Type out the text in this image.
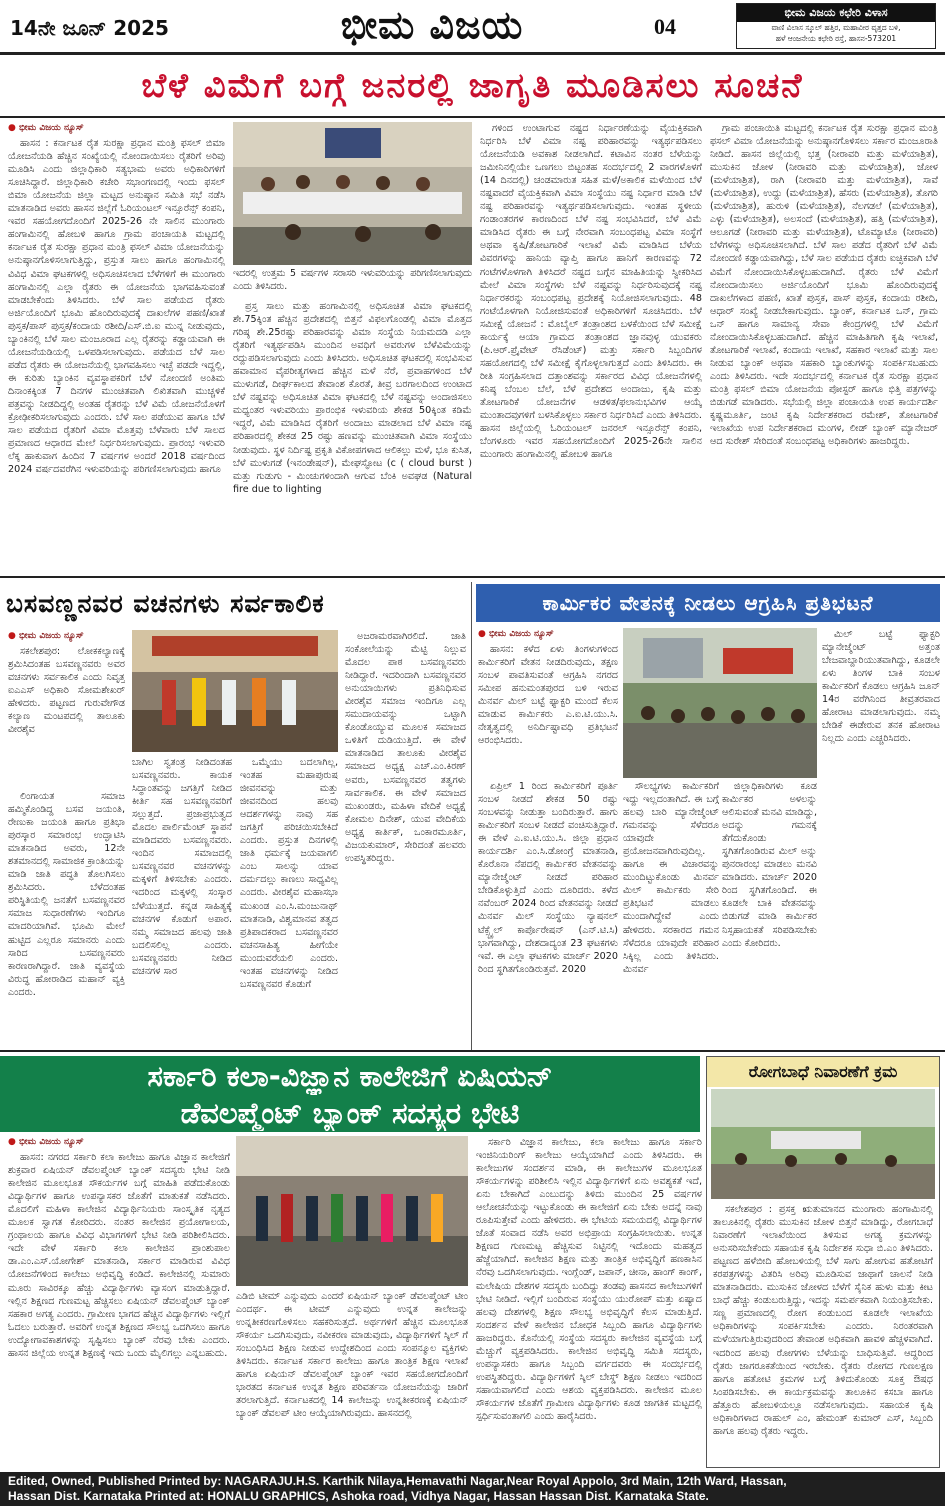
14ನೇ ಜೂನ್ 2025	ಭೀಮ ವಿಜಯ	04
ಭೀಮ ವಿಜಯ ಕಛೇರಿ ವಿಳಾಸ
ವಾಣಿ ವಿಲಾಸ ಸ್ಕೂಲ್ ಹತ್ತಿರ, ಮಹಾವೀರ ವೃತ್ತದ ಬಳಿ,
ಹಳೆ ಆಂಜನೇಯ ಕಛೇರಿ ರಸ್ತೆ, ಹಾಸನ-573201
ಬೆಳೆ ವಿಮೆಗೆ ಬಗ್ಗೆ ಜನರಲ್ಲಿ ಜಾಗೃತಿ ಮೂಡಿಸಲು ಸೂಚನೆ
● ಭೀಮ ವಿಜಯ ನ್ಯೂಸ್

ಹಾಸನ : ಕರ್ನಾಟಕ ರೈತ ಸುರಕ್ಷಾ ಪ್ರಧಾನ ಮಂತ್ರಿ ಫಸಲ್ ಬಿಮಾ ಯೋಜನೆಯಡಿ ಹೆಚ್ಚಿನ ಸಂಖ್ಯೆಯಲ್ಲಿ ನೋಂದಾಯಿಸಲು ರೈತರಿಗೆ ಅರಿವು ಮೂಡಿಸಿ ಎಂದು ಜಿಲ್ಲಾಧಿಕಾರಿ ಸತ್ಯಭಾಮ ಅವರು ಅಧಿಕಾರಿಗಳಿಗೆ ಸೂಚಿಸಿದ್ದಾರೆ. ಜಿಲ್ಲಾಧಿಕಾರಿ ಕಚೇರಿ ಸಭಾಂಗಣದಲ್ಲಿ ಇಂದು ಫಸಲ್ ಬಿಮಾ ಯೋಜನೆಯ ಜಿಲ್ಲಾ ಮಟ್ಟದ ಅನುಷ್ಠಾನ ಸಮಿತಿ ಸಭೆ ನಡೆಸಿ ಮಾತನಾಡಿದ ಅವರು ಹಾಸನ ಜಿಲ್ಲೆಗೆ ಓರಿಯಂಟಲ್ ಇನ್ಸೂರೆನ್ಸ್ ಕಂಪನಿ, ಇವರ ಸಹಯೋಗದೊಂದಿಗೆ 2025-26 ನೇ ಸಾಲಿನ ಮುಂಗಾರು ಹಂಗಾಮಿನಲ್ಲಿ ಹೋಬಳಿ ಹಾಗೂ ಗ್ರಾಮ ಪಂಚಾಯತಿ ಮಟ್ಟದಲ್ಲಿ ಕರ್ನಾಟಕ ರೈತ ಸುರಕ್ಷಾ ಪ್ರಧಾನ ಮಂತ್ರಿ ಫಸಲ್ ವಿಮಾ ಯೋಜನೆಯನ್ನು ಅನುಷ್ಠಾನಗೊಳಿಸಲಾಗುತ್ತಿದ್ದು, ಪ್ರಸ್ತುತ ಸಾಲು ಹಾಗೂ ಹಂಗಾಮಿನಲ್ಲಿ ವಿವಿಧ ವಿಮಾ ಘಟಕಗಳಲ್ಲಿ ಅಧಿಸೂಚಿಸಲಾದ ಬೆಳೆಗಳಿಗೆ ಈ ಮುಂಗಾರು ಹಂಗಾಮಿನಲ್ಲಿ ಎಲ್ಲಾ ರೈತರು ಈ ಯೋಜನೆಯ ಭಾಗವಹಿಸುವಂತೆ ಮಾಡಬೇಕೆಂದು ತಿಳಿಸಿದರು. ಬೆಳೆ ಸಾಲ ಪಡೆಯದ ರೈತರು ಅರ್ಜಿಯೊಂದಿಗೆ ಭೂಮಿ ಹೊಂದಿರುವುದಕ್ಕೆ ದಾಖಲೆಗಳ ಪಹಣಿ/ಖಾತೆ ಪುಸ್ತಕ/ಪಾಸ್ ಪುಸ್ತಕ/ಕಂದಾಯ ರಶೀದಿ/ಎಸ್.ಬಿ.ಐ ಮುನ್ನ ನೀಡುವುದು, ಬ್ಯಾಂಕಿನಲ್ಲಿ ಬೆಳೆ ಸಾಲ ಮಂಜೂರಾದ ಎಲ್ಲ ರೈತರನ್ನು ಕಡ್ಡಾಯವಾಗಿ ಈ ಯೋಜನೆಯಡಿಯಲ್ಲಿ ಒಳಪಡಿಸಲಾಗುವುದು. ಪಡೆಯದ ಬೆಳೆ ಸಾಲ ಪಡೆದ ರೈತರು ಈ ಯೋಜನೆಯಲ್ಲಿ ಭಾಗವಹಿಸಲು ಇಚ್ಛೆ ಪಡದೇ ಇದ್ದಲ್ಲಿ, ಈ ಕುರಿತು ಬ್ಯಾಂಕಿನ ವ್ಯವಸ್ಥಾಪಕರಿಗೆ ಬೆಳೆ ನೋಂದಣಿ ಅಂತಿಮ ದಿನಾಂಕಕ್ಕಿಂತ 7 ದಿನಗಳ ಮುಂಚಿತವಾಗಿ ಲಿಖಿತವಾಗಿ ಮುಚ್ಚಳಿಕೆ ಪತ್ರವನ್ನು ನೀಡದಿದ್ದಲ್ಲಿ ಅಂತಹ ರೈತರನ್ನು ಬೆಳೆ ವಿಮೆ ಯೋಜನೆಯೊಳಗೆ ಕ್ರೋಢೀಕರಿಸಲಾಗುವುದು ಎಂದರು. ಬೆಳೆ ಸಾಲ ಪಡೆಯುವ ಹಾಗೂ ಬೆಳೆ ಸಾಲ ಪಡೆಯದ ರೈತರಿಗೆ ವಿಮಾ ಮೊತ್ತವು ಬೆಳೆವಾರು ಬೆಳೆ ಸಾಲದ ಪ್ರಮಾಣದ ಆಧಾರದ ಮೇಲೆ ನಿರ್ಧರಿಸಲಾಗುವುದು. ಪ್ರಾರಂಭ ಇಳುವರಿ ಲೆಕ್ಕ ಹಾಕುವಾಗ ಹಿಂದಿನ 7 ವರ್ಷಗಳ ಅಂದರೆ 2018 ವರ್ಷದಿಂದ 2024 ವರ್ಷದವರೆಗಿನ ಇಳುವರಿಯನ್ನು ಪರಿಗಣಿಸಲಾಗುವುದು ಹಾಗೂ

ಇದರಲ್ಲಿ ಉತ್ತಮ 5 ವರ್ಷಗಳ ಸರಾಸರಿ ಇಳುವರಿಯನ್ನು ಪರಿಗಣಿಸಲಾಗುವುದು ಎಂದು ತಿಳಿಸಿದರು.

ಪ್ರಸ್ತ ಸಾಲು ಮತ್ತು ಹಂಗಾಮಿನಲ್ಲಿ ಅಧಿಸೂಚಿತ ವಿಮಾ ಘಟಕದಲ್ಲಿ ಶೇ.75ಕ್ಕಿಂತ ಹೆಚ್ಚಿನ ಪ್ರದೇಶದಲ್ಲಿ ಬಿತ್ತನೆ ವಿಫಲಗೊಂಡಲ್ಲಿ ವಿಮಾ ಮೊತ್ತದ ಗರಿಷ್ಠ ಶೇ.25ರಷ್ಟು ಪರಿಹಾರವನ್ನು ವಿಮಾ ಸಂಸ್ಥೆಯ ನಿಯಮದಡಿ ಎಲ್ಲಾ ರೈತರಿಗೆ ಇತ್ಯರ್ಥಪಡಿಸಿ ಮುಂದಿನ ಅವಧಿಗೆ ಅವರುಗಳ ಬೆಳೆವಿಮೆಯನ್ನು ರದ್ದುಪಡಿಸಲಾಗುವುದು ಎಂದು ತಿಳಿಸಿದರು. ಅಧಿಸೂಚಿತ ಘಟಕದಲ್ಲಿ ಸಂಭವಿಸುವ ಹವಾಮಾನ ವೈಪರೀತ್ಯಗಳಾದ ಹೆಚ್ಚಿನ ಮಳೆ ನೆರೆ, ಪ್ರವಾಹಗಳಿಂದ ಬೆಳೆ ಮುಳುಗಡೆ, ದೀರ್ಘಕಾಲದ ತೇವಾಂಶ ಕೊರತೆ, ತೀವ್ರ ಬರಗಾಲದಿಂದ ಉಂಟಾದ ಬೆಳೆ ನಷ್ಟವನ್ನು ಅಧಿಸೂಚಿತ ವಿಮಾ ಘಟಕದಲ್ಲಿ ಬೆಳೆ ನಷ್ಟವನ್ನು ಅಂದಾಜಿಸಲು ಮಧ್ಯಂತರ ಇಳುವರಿಯು ಪ್ರಾರಂಭಿಕ ಇಳುವರಿಯ ಶೇಕಡ 50ಕ್ಕಿಂತ ಕಡಿಮೆ ಇದ್ದರೆ, ವಿಮೆ ಮಾಡಿಸಿದ ರೈತರಿಗೆ ಅಂದಾಜು ಮಾಡಲಾದ ಬೆಳೆ ವಿಮಾ ನಷ್ಟ ಪರಿಹಾರದಲ್ಲಿ ಶೇಕಡ 25 ರಷ್ಟು ಹಣವನ್ನು ಮುಂಚಿತವಾಗಿ ವಿಮಾ ಸಂಸ್ಥೆಯು ನೀಡುವುದು. ಸ್ಥಳ ನಿರ್ದಿಷ್ಟ ಪ್ರಕೃತಿ ವಿಕೋಪಗಳಾದ ಆಲಿಕಲ್ಲು ಮಳೆ, ಭೂ ಕುಸಿತ, ಬೆಳೆ ಮುಳುಗಡೆ (ಇನಂಡೇಷನ್), ಮೇಘಸ್ಫೋಟ (c ( cloud burst ) ಮತ್ತು ಗುಡುಗು - ಮಿಂಚುಗಳಿಂದಾಗಿ ಆಗುವ ಬೆಂಕಿ ಅವಘಡ (Natural fire due to lighting

ಗಳಿಂದ ಉಂಟಾಗುವ ನಷ್ಟದ ನಿರ್ಧಾರಣೆಯನ್ನು ವೈಯಕ್ತಿಕವಾಗಿ ನಿರ್ಧರಿಸಿ ಬೆಳೆ ವಿಮಾ ನಷ್ಟ ಪರಿಹಾರವನ್ನು ಇತ್ಯರ್ಥಪಡಿಸಲು ಯೋಜನೆಯಡಿ ಅವಕಾಶ ನೀಡಲಾಗಿದೆ. ಕಟಾವಿನ ನಂತರ ಬೆಳೆಯನ್ನು ಜಮೀನಿನಲ್ಲಿಯೇ ಒಣಗಲು ಬಿಟ್ಟಂತಹ ಸಂದರ್ಭದಲ್ಲಿ 2 ವಾರಗಳೊಳಗೆ (14 ದಿನದಲ್ಲಿ) ಚಂಡಮಾರುತ ಸಹಿತ ಮಳೆ/ಅಕಾಲಿಕ ಮಳೆಯಿಂದ ಬೆಳೆ ನಷ್ಟವಾದರೆ ವೈಯಕ್ತಿಕವಾಗಿ ವಿಮಾ ಸಂಸ್ಥೆಯು ನಷ್ಟ ನಿರ್ಧಾರ ಮಾಡಿ ಬೆಳೆ ನಷ್ಟ ಪರಿಹಾರವನ್ನು ಇತ್ಯರ್ಥಪಡಿಸಲಾಗುವುದು. ಇಂತಹ ಸ್ಥಳೀಯ ಗಂಡಾಂತರಗಳ ಕಾರಣದಿಂದ ಬೆಳೆ ನಷ್ಟ ಸಂಭವಿಸಿದರೆ, ಬೆಳೆ ವಿಮೆ ಮಾಡಿಸಿದ ರೈತರು ಈ ಬಗ್ಗೆ ನೇರವಾಗಿ ಸಂಬಂಧಪಟ್ಟ ವಿಮಾ ಸಂಸ್ಥೆಗೆ ಅಥವಾ ಕೃಷಿ/ತೋಟಗಾರಿಕೆ ಇಲಾಖೆ ವಿಮೆ ಮಾಡಿಸಿದ ಬೆಳೆಯ ವಿವರಗಳನ್ನು ಹಾನಿಯ ವ್ಯಾಪ್ತಿ ಹಾಗೂ ಹಾನಿಗೆ ಕಾರಣವನ್ನು 72 ಗಂಟೆಗಳೊಳಗಾಗಿ ತಿಳಿಸಿದರೆ ನಷ್ಟದ ಬಗ್ಗೆನ ಮಾಹಿತಿಯನ್ನು ಸ್ವೀಕರಿಸಿದ ಮೇಲೆ ವಿಮಾ ಸಂಸ್ಥೆಗಳು ಬೆಳೆ ನಷ್ಟವನ್ನು ನಿರ್ಧರಿಸುವುದಕ್ಕೆ ನಷ್ಟ ನಿರ್ಧಾರಕರನ್ನು ಸಂಬಂಧಪಟ್ಟ ಪ್ರದೇಶಕ್ಕೆ ನಿಯೋಜಿಸಲಾಗುವುದು. 48 ಗಂಟೆಯೊಳಗಾಗಿ ನಿಯೋಜಿಸುವಂತೆ ಅಧಿಕಾರಿಗಳಿಗೆ ಸೂಚಿಸಿದರು. ಬೆಳೆ ಸಮೀಕ್ಷೆ ಯೋಜನೆ : ಮೊಬೈಲ್ ತಂತ್ರಾಂಶದ ಬಳಕೆಯಿಂದ ಬೆಳೆ ಸಮೀಕ್ಷೆ ಕಾರ್ಯಕ್ಕೆ ಆಯಾ ಗ್ರಾಮದ ತಂತ್ರಾಂಶದ ಜ್ಞಾನವುಳ್ಳ ಯುವಕರು (ಪಿ.ಆರ್.ಪ್ರೈವೇಟ್ ರೆಸಿಡೆಂಟ್) ಮತ್ತು ಸರ್ಕಾರಿ ಸಿಬ್ಬಂದಿಗಳ ಸಹಯೋಗದಲ್ಲಿ ಬೆಳೆ ಸಮೀಕ್ಷೆ ಕೈಗೊಳ್ಳಲಾಗುತ್ತದೆ ಎಂದು ತಿಳಿಸಿದರು. ಈ ರೀತಿ ಸಂಗ್ರಹಿಸಲಾದ ದತ್ತಾಂಶವನ್ನು ಸರ್ಕಾರದ ವಿವಿಧ ಯೋಜನೆಗಳಲ್ಲಿ ಕನಿಷ್ಠ ಬೆಂಬಲ ಬೆಲೆ, ಬೆಳೆ ಪ್ರದೇಶದ ಅಂದಾಜು, ಕೃಷಿ ಮತ್ತು ತೋಟಗಾರಿಕೆ ಯೋಜನೆಗಳ ಆಡಳಿತ/ಫಲಾನುಭವಿಗಳ ಆಯ್ಕೆ ಮುಂತಾದವುಗಳಿಗೆ ಬಳಸಿಕೊಳ್ಳಲು ಸರ್ಕಾರ ನಿರ್ಧರಿಸಿದೆ ಎಂದು ತಿಳಿಸಿದರು. ಹಾಸನ ಜಿಲ್ಲೆಯಲ್ಲಿ ಓರಿಯಂಟಲ್ ಜನರಲ್ ಇನ್ಸೂರೆನ್ಸ್ ಕಂಪನಿ, ಬೆಂಗಳೂರು ಇವರ ಸಹಯೋಗದೊಂದಿಗೆ 2025-26ನೇ ಸಾಲಿನ ಮುಂಗಾರು ಹಂಗಾಮಿನಲ್ಲಿ ಹೋಬಳಿ ಹಾಗೂ

ಗ್ರಾಮ ಪಂಚಾಯಿತಿ ಮಟ್ಟದಲ್ಲಿ ಕರ್ನಾಟಕ ರೈತ ಸುರಕ್ಷಾ ಪ್ರಧಾನ ಮಂತ್ರಿ ಫಸಲ್ ವಿಮಾ ಯೋಜನೆಯನ್ನು ಅನುಷ್ಠಾನಗೊಳಿಸಲು ಸರ್ಕಾರ ಮಂಜೂರಾತಿ ನೀಡಿದೆ. ಹಾಸನ ಜಿಲ್ಲೆಯಲ್ಲಿ ಭತ್ತ (ನೀರಾವರಿ ಮತ್ತು ಮಳೆಯಾಶ್ರಿತ), ಮುಸುಕಿನ ಜೋಳ (ನೀರಾವರಿ ಮತ್ತು ಮಳೆಯಾಶ್ರಿತ), ಜೋಳ (ಮಳೆಯಾಶ್ರಿತ), ರಾಗಿ (ನೀರಾವರಿ ಮತ್ತು ಮಳೆಯಾಶ್ರಿತ), ಸಾವೆ (ಮಳೆಯಾಶ್ರಿತ), ಉದ್ದು (ಮಳೆಯಾಶ್ರಿತ), ಹೆಸರು (ಮಳೆಯಾಶ್ರಿತ), ತೊಗರಿ (ಮಳೆಯಾಶ್ರಿತ), ಹುರುಳಿ (ಮಳೆಯಾಶ್ರಿತ), ನೆಲಗಡಲೆ (ಮಳೆಯಾಶ್ರಿತ), ಎಳ್ಳು (ಮಳೆಯಾಶ್ರಿತ), ಅಲಸಂದೆ (ಮಳೆಯಾಶ್ರಿತ), ಹತ್ತಿ (ಮಳೆಯಾಶ್ರಿತ), ಆಲೂಗಡೆ (ನೀರಾವರಿ ಮತ್ತು ಮಳೆಯಾಶ್ರಿತ), ಟೊಮ್ಯಾಟೊ (ನೀರಾವರಿ) ಬೆಳೆಗಳನ್ನು ಅಧಿಸೂಚಿಸಲಾಗಿದೆ. ಬೆಳೆ ಸಾಲ ಪಡೆದ ರೈತರಿಗೆ ಬೆಳೆ ವಿಮೆ ನೋಂದಣಿ ಕಡ್ಡಾಯವಾಗಿದ್ದು, ಬೆಳೆ ಸಾಲ ಪಡೆಯದ ರೈತರು ಐಚ್ಛಿಕವಾಗಿ ಬೆಳೆ ವಿಮೆಗೆ ನೋಂದಾಯಿಸಿಕೊಳ್ಳಬಹುದಾಗಿದೆ. ರೈತರು ಬೆಳೆ ವಿಮೆಗೆ ನೋಂದಾಯಿಸಲು ಅರ್ಜಿಯೊಂದಿಗೆ ಭೂಮಿ ಹೊಂದಿರುವುದಕ್ಕೆ ದಾಖಲೆಗಳಾದ ಪಹಣಿ, ಖಾತೆ ಪುಸ್ತಕ, ಪಾಸ್ ಪುಸ್ತಕ, ಕಂದಾಯ ರಶೀದಿ, ಆಧಾರ್ ಸಂಖ್ಯೆ ನೀಡಬೇಕಾಗುವುದು. ಬ್ಯಾಂಕ್, ಕರ್ನಾಟಕ ಒನ್, ಗ್ರಾಮ ಒನ್ ಹಾಗೂ ಸಾಮಾನ್ಯ ಸೇವಾ ಕೇಂದ್ರಗಳಲ್ಲಿ ಬೆಳೆ ವಿಮೆಗೆ ನೋಂದಾಯಿಸಿಕೊಳ್ಳಬಹುದಾಗಿದೆ. ಹೆಚ್ಚಿನ ಮಾಹಿತಿಗಾಗಿ ಕೃಷಿ ಇಲಾಖೆ, ತೋಟಗಾರಿಕೆ ಇಲಾಖೆ, ಕಂದಾಯ ಇಲಾಖೆ, ಸಹಕಾರ ಇಲಾಖೆ ಮತ್ತು ಸಾಲ ನೀಡುವ ಬ್ಯಾಂಕ್ ಅಥವಾ ಸಹಕಾರಿ ಬ್ಯಾಂಕುಗಳನ್ನು ಸಂಪರ್ಕಿಸಬಹುದು ಎಂದು ತಿಳಿಸಿದರು. ಇದೇ ಸಂದರ್ಭದಲ್ಲಿ ಕರ್ನಾಟಕ ರೈತ ಸುರಕ್ಷಾ ಪ್ರಧಾನ ಮಂತ್ರಿ ಫಸಲ್ ಬಿಮಾ ಯೋಜನೆಯ ಪೋಸ್ಟರ್ ಹಾಗೂ ಭಿತ್ತಿ ಪತ್ರಗಳನ್ನು ಬಿಡುಗಡೆ ಮಾಡಿದರು. ಸಭೆಯಲ್ಲಿ ಜಿಲ್ಲಾ ಪಂಚಾಯತಿ ಉಪ ಕಾರ್ಯದರ್ಶಿ ಕೃಷ್ಣಮೂರ್ತಿ, ಜಂಟಿ ಕೃಷಿ ನಿರ್ದೇಶಕರಾದ ರಮೇಶ್, ತೋಟಗಾರಿಕೆ ಇಲಾಖೆಯ ಉಪ ನಿರ್ದೇಶಕರಾದ ಮಂಗಳ, ಲೀಡ್ ಬ್ಯಾಂಕ್ ಮ್ಯಾನೇಜರ್ ಆದ ಸುರೇಶ್ ಸೇರಿದಂತೆ ಸಂಬಂಧಪಟ್ಟ ಅಧಿಕಾರಿಗಳು ಹಾಜರಿದ್ದರು.

ಬಸವಣ್ಣನವರ ವಚನಗಳು ಸರ್ವಕಾಲಿಕ
● ಭೀಮ ವಿಜಯ ನ್ಯೂಸ್

ಸಕಲೇಶಪುರ: ಲೋಕಕಲ್ಯಾಣಕ್ಕೆ ಶ್ರಮಿಸಿದಂತಹ ಬಸವಣ್ಣನವರು ಅವರ ವಚನಗಳು ಸರ್ವಕಾಲಿಕ ಎಂದು ನಿವೃತ್ತ ಐಎಎಸ್ ಅಧಿಕಾರಿ ಸೋಮಶೇಖರ್ ಹೇಳಿದರು. ಪಟ್ಟಣದ ಗುರುವೇಗೌಡ ಕಲ್ಯಾಣ ಮಂಟಪದಲ್ಲಿ ತಾಲೂಕು ವೀರಶೈವ

ಲಿಂಗಾಯತ ಸಮಾಜ ಹಮ್ಮಿಕೊಂಡಿದ್ದ ಬಸವ ಜಯಂತಿ, ರೇಣುಕಾ ಜಯಂತಿ ಹಾಗೂ ಪ್ರತಿಭಾ ಪುರಸ್ಕಾರ ಸಮಾರಂಭ ಉದ್ಘಾಟಿಸಿ ಮಾತನಾಡಿದ ಅವರು, 12ನೇ ಶತಮಾನದಲ್ಲಿ ಸಾಮಾಜಿಕ ಕ್ರಾಂತಿಯನ್ನು ಮಾಡಿ ಜಾತಿ ಪದ್ಧತಿ ತೊಲಗಿಸಲು ಶ್ರಮಿಸಿದರು. ಬೆಳೆದಂತಹ ಪರಿಸ್ಥಿತಿಯಲ್ಲಿ ಜನತೆಗೆ ಬಸವಣ್ಣನವರ ಸಮಾಜ ಸುಧಾರಣೆಗಳು ಇಂದಿಗೂ ಮಾದರಿಯಾಗಿವೆ. ಭೂಮಿ ಮೇಲೆ ಹುಟ್ಟಿದ ಎಲ್ಲರೂ ಸಮಾನರು ಎಂದು ಸಾರಿದ ಬಸವಣ್ಣನವರು ಕಾರಣರಾಗಿದ್ದಾರೆ. ಜಾತಿ ವ್ಯವಸ್ಥೆಯ ವಿರುದ್ಧ ಹೋರಾಡಿದ ಮಹಾನ್ ವ್ಯಕ್ತಿ ಎಂದರು.

ಬಾಗಿಲ ಸ್ವತಂತ್ರ ನೀಡಿದಂತಹ ಬಸವಣ್ಣನವರು. ಕಾಯಕ ಸಿದ್ಧಾಂತವನ್ನು ಜಗತ್ತಿಗೆ ನೀಡಿದ ಕೀರ್ತಿ ಸಹ ಬಸವಣ್ಣನವರಿಗೆ ಸಲ್ಲುತ್ತದೆ. ಪ್ರಜಾಪ್ರಭುತ್ವದ ಮೊದಲ ಪಾರ್ಲಿಮೆಂಟ್ ಸ್ಥಾಪನೆ ಮಾಡಿದವರು ಬಸವಣ್ಣನವರು. ಇಂದಿನ ಸಮಾಜದಲ್ಲಿ ಬಸವಣ್ಣನವರ ವಚನಗಳನ್ನು ಮಕ್ಕಳಿಗೆ ತಿಳಿಸಬೇಕು ಎಂದರು. ಇದರಿಂದ ಮಕ್ಕಳಲ್ಲಿ ಸಂಸ್ಕಾರ ಬೆಳೆಯುತ್ತದೆ. ಕನ್ನಡ ಸಾಹಿತ್ಯಕ್ಕೆ ವಚನಗಳ ಕೊಡುಗೆ ಅಪಾರ. ನಮ್ಮ ಸಮಾಜದ ಹಲವು ಜಾತಿ ಬದಲಿಸಲಿಲ್ಲ ಎಂದರು. ಬಸವಣ್ಣನವರು ನೀಡಿದ ವಚನಗಳ ಸಾರ

ಒಮ್ಮೆಯು ಬದಲಾಗಿಲ್ಲ, ಇಂತಹ ಮಹಾಪುರುಷ ಜೀವನವನ್ನು ಮತ್ತು ಜೀವನದಿಂದ ಹಲವು ಆದರ್ಶಗಳನ್ನು ನಾವು ಸಹ ಜಗತ್ತಿಗೆ ಪರಿಚಯಿಸಬೇಕಿದೆ ಎಂದರು. ಪ್ರಸ್ತುತ ದಿನಗಳಲ್ಲಿ ಜಾತಿ ಧರ್ಮಕ್ಕೆ ಜಯವಾಗಲಿ ಎಂಬ ಸಾಲನ್ನು ಯಾವ ದರ್ಮದಲ್ಲು ಕಾಣಲು ಸಾಧ್ಯವಿಲ್ಲ ಎಂದರು. ವೀರಶೈವ ಮಹಾಸಭಾ ಮುಖಂಡ ಎಂ.ಸಿ.ಮಂಜುನಾಥ್ ಮಾತನಾಡಿ, ವಿಶ್ವಮಾನವ ತತ್ವದ ಪ್ರತಿಪಾದಕರಾದ ಬಸವಣ್ಣನವರ ವಚನಸಾಹಿತ್ಯ ಹೀಗೆಯೇ ಮುಂದುವರೆಯಲಿ ಎಂದರು. ಇಂತಹ ವಚನಗಳನ್ನು ನೀಡಿದ ಬಸವಣ್ಣನವರ ಕೊಡುಗೆ

ಅಜರಾಮರವಾಗಿರಲಿದೆ. ಜಾತಿ ಸಂಕೋಲೆಯನ್ನು ಮೆಟ್ಟಿ ನಿಲ್ಲುವ ಮೊದಲ ಪಾಠ ಬಸವಣ್ಣನವರು ನೀಡಿದ್ದಾರೆ. ಇದರಿಂದಾಗಿ ಬಸವಣ್ಣನವರ ಅನುಯಾಯಿಗಳು ಪ್ರತಿನಿಧಿಸುವ ವೀರಶೈವ ಸಮಾಜ ಇಂದಿಗೂ ಎಲ್ಲ ಸಮುದಾಯವನ್ನು ಒಟ್ಟಾಗಿ ಕೊಂಡೊಯ್ಯುವ ಮೂಲಕ ಸಮಾಜದ ಒಳಿತಿಗೆ ದುಡಿಯುತ್ತಿದೆ. ಈ ವೇಳೆ ಮಾತನಾಡಿದ ತಾಲೂಕು ವೀರಶೈವ ಸಮಾಜದ ಅಧ್ಯಕ್ಷ ಎಚ್.ಎಂ.ಕಿರಣ್ ಅವರು, ಬಸವಣ್ಣನವರ ತತ್ವಗಳು ಸಾರ್ವಕಾಲಿಕ. ಈ ವೇಳೆ ಸಮಾಜದ ಮುಖಂಡರು, ಮಹಿಳಾ ವೇದಿಕೆ ಅಧ್ಯಕ್ಷೆ ಕೋಮಲ ದಿನೇಶ್, ಯುವ ವೇದಿಕೆಯ ಅಧ್ಯಕ್ಷ ಕಾರ್ತಿಕ್, ಒಂಕಾರಮೂರ್ತಿ, ವಿಜಯಕುಮಾರ್, ಸೇರಿದಂತೆ ಹಲವರು ಉಪಸ್ಥಿತರಿದ್ದರು.

ಕಾರ್ಮಿಕರ ವೇತನಕ್ಕೆ ನೀಡಲು ಆಗ್ರಹಿಸಿ ಪ್ರತಿಭಟನೆ
● ಭೀಮ ವಿಜಯ ನ್ಯೂಸ್

ಹಾಸನ: ಕಳೆದ ಏಳು ತಿಂಗಳುಗಳಿಂದ ಕಾರ್ಮಿಕರಿಗೆ ವೇತನ ನೀಡದಿರುವುದು, ತಕ್ಷಣ ಸಂಬಳ ಪಾವತಿಸುವಂತೆ ಆಗ್ರಹಿಸಿ ನಗರದ ಸಮೀಪ ಹನುಮಂತಪುರದ ಬಳಿ ಇರುವ ಮಿನರ್ವ ಮಿಲ್ ಬಟ್ಟೆ ಫ್ಯಾಕ್ಟರಿ ಮುಂದೆ ಕೆಲಸ ಮಾಡುವ ಕಾರ್ಮಿಕರು ಎ.ಐ.ಟಿ.ಯು.ಸಿ. ನೇತೃತ್ವದಲ್ಲಿ ಅನಿರ್ದಿಷ್ಟಾವಧಿ ಪ್ರತಿಭಟನೆ ಆರಂಭಿಸಿದರು.

ಮಿಲ್ ಬಟ್ಟೆ ಫ್ಯಾಕ್ಟರಿ ಮ್ಯಾನೇಜ್ಮೆಂಟ್ ಅತ್ತಂತ ಬೇಜವಾಬ್ದಾರಿಯುತವಾಗಿದ್ದು, ಕೂಡಲೇ ಏಳು ತಿಂಗಳ ಬಾಕಿ ಸಂಬಳ ಕಾರ್ಮಿಕರಿಗೆ ಕೊಡಲು ಆಗ್ರಹಿಸಿ ಜೂನ್ 14ರ ವರೆಗಿನಿಂದ ತೀವ್ರತರವಾದ ಹೋರಾಟ ಮಾಡಲಾಗುವುದು. ನಮ್ಮ ಬೇಡಿಕೆ ಈಡೇರುವ ತನಕ ಹೋರಾಟ ನಿಲ್ಲದು ಎಂದು ಎಚ್ಚರಿಸಿದರು.

ಏಪ್ರಿಲ್ 1 ರಿಂದ ಕಾರ್ಮಿಕರಿಗೆ ಪೂರ್ತಿ ಸಂಬಳ ನೀಡದೆ ಶೇಕಡ 50 ರಷ್ಟು ಸಂಬಳವನ್ನು ನೀಡುತ್ತಾ ಬಂದಿರುತ್ತಾರೆ. ಹಾಗು ಕಾರ್ಮಿಕರಿಗೆ ಸಂಬಳ ನೀಡದೆ ವಂಚಿಸುತ್ತಿದ್ದಾರೆ. ಈ ವೇಳೆ ಎ.ಐ.ಟಿ.ಯು.ಸಿ. ಜಿಲ್ಲಾ ಪ್ರಧಾನ ಕಾರ್ಯದರ್ಶಿ ಎಂ.ಸಿ.ಡೋಂಗ್ರೆ ಮಾತನಾಡಿ, ಕೊರೊನಾ ನೆಪದಲ್ಲಿ ಕಾರ್ಮಿಕರ ವೇತನವನ್ನು ಮ್ಯಾನೇಜ್ಮೆಂಟ್ ನೀಡದೆ ಪರಿಹಾರ ಬೇಡಿಕೊಳ್ಳುತ್ತಿದೆ ಎಂದು ದೂರಿದರು. ಕಳೆದ ನವೆಂಬರ್ 2024 ರಿಂದ ವೇತನವನ್ನು ನೀಡದೆ ಮಿನರ್ವ ಮಿಲ್ ಸಂಸ್ಥೆಯು ನ್ಯಾಷನಲ್ ಟೆಕ್ಸ್ಟೈಲ್ ಕಾರ್ಪೊರೇಷನ್ (ಎನ್.ಟಿ.ಸಿ) ಭಾಗವಾಗಿದ್ದು, ದೇಶದಾದ್ಯಂತ 23 ಘಟಕಗಳು ಇವೆ. ಈ ಎಲ್ಲಾ ಘಟಕಗಳು ಮಾರ್ಚ್ 2020 ರಿಂದ ಸ್ಥಗಿತಗೊಂಡಿರುತ್ತವೆ. 2020

ಸೌಲಭ್ಯಗಳು ಕಾರ್ಮಿಕರಿಗೆ ಇದ್ದು ಇಲ್ಲದಂತಾಗಿದೆ. ಈ ಬಗ್ಗೆ ಹಲವು ಬಾರಿ ಮ್ಯಾನೇಜ್ಮೆಂಟ್ ಗಮನವನ್ನು ಸೆಳೆದರೂ ಯಾವುದೇ ಪ್ರಯೋಜನವಾಗಿರುವುದಿಲ್ಲ. ಹಾಗೂ ಈ ವಿಚಾರವನ್ನು ಮುಂದಿಟ್ಟುಕೊಂಡು ಮಿನರ್ವ ಮಿಲ್ ಕಾರ್ಮಿಕರು ಸೇರಿ ಪ್ರತಿಭಟನೆ ಮಾಡಲು ಮುಂದಾಗಿದ್ದೇವೆ ಎಂದು ಹೇಳಿದರು. ಸರಕಾರದ ಗಮನ ಸೆಳೆದರೂ ಯಾವುದೇ ಪರಿಹಾರ ಸಿಕ್ಕಿಲ್ಲ ಎಂದು ತಿಳಿಸಿದರು. ಮಿನರ್ವ

ಜಿಲ್ಲಾಧಿಕಾರಿಗಳು ಕೂಡ ಕಾರ್ಮಿಕರ ಅಳಲನ್ನು ಆಲಿಸುವಂತೆ ಮನವಿ ಮಾಡಿದ್ದು, ಅದನ್ನು ಗಮನಕ್ಕೆ ತೆಗೆದುಕೊಂಡು ಸ್ಥಗಿತಗೊಂಡಿರುವ ಮಿಲ್ ಅನ್ನು ಪುನರಾರಂಭ ಮಾಡಲು ಮನವಿ ಮಾಡಿದರು. ಮಾರ್ಚ್ 2020 ರಿಂದ ಸ್ಥಗಿತಗೊಂಡಿದೆ. ಈ ಕೂಡಲೇ ಬಾಕಿ ವೇತನವನ್ನು ಬಿಡುಗಡೆ ಮಾಡಿ ಕಾರ್ಮಿಕರ ನಿಸ್ಸಹಾಯಕತೆ ಸರಿಪಡಿಸಬೇಕು ಎಂದು ಕೋರಿದರು.

ಸರ್ಕಾರಿ ಕಲಾ-ವಿಜ್ಞಾನ ಕಾಲೇಜಿಗೆ ಏಷಿಯನ್
ಡೆವಲಪ್ಮೆಂಟ್ ಬ್ಯಾಂಕ್ ಸದಸ್ಯರ ಭೇಟಿ
● ಭೀಮ ವಿಜಯ ನ್ಯೂಸ್

ಹಾಸನ: ನಗರದ ಸರ್ಕಾರಿ ಕಲಾ ಕಾಲೇಜು ಹಾಗೂ ವಿಜ್ಞಾನ ಕಾಲೇಜಿಗೆ ಶುಕ್ರವಾರ ಏಷಿಯನ್ ಡೆವಲಪ್ಮೆಂಟ್ ಬ್ಯಾಂಕ್ ಸದಸ್ಯರು ಭೇಟಿ ನೀಡಿ ಕಾಲೇಜಿನ ಮೂಲಭೂತ ಸೌಕರ್ಯಗಳ ಬಗ್ಗೆ ಮಾಹಿತಿ ಪಡೆದುಕೊಂಡು ವಿದ್ಯಾರ್ಥಿಗಳ ಹಾಗೂ ಉಪನ್ಯಾಸಕರ ಜೊತೆಗೆ ಮಾತುಕತೆ ನಡೆಸಿದರು. ಮೊದಲಿಗೆ ಮಹಿಳಾ ಕಾಲೇಜಿನ ವಿದ್ಯಾರ್ಥಿನಿಯರು ಸಾಂಸ್ಕೃತಿಕ ನೃತ್ಯದ ಮೂಲಕ ಸ್ವಾಗತ ಕೋರಿದರು. ನಂತರ ಕಾಲೇಜಿನ ಪ್ರಯೋಗಾಲಯ, ಗ್ರಂಥಾಲಯ ಹಾಗೂ ವಿವಿಧ ವಿಭಾಗಗಳಿಗೆ ಭೇಟಿ ನೀಡಿ ಪರಿಶೀಲಿಸಿದರು. ಇದೇ ವೇಳೆ ಸರ್ಕಾರಿ ಕಲಾ ಕಾಲೇಜಿನ ಪ್ರಾಂಶುಪಾಲ ಡಾ.ಎಂ.ಎಸ್.ಯೋಗೇಶ್ ಮಾತನಾಡಿ, ಸರ್ಕಾರ ಮಾಡಿರುವ ವಿವಿಧ ಯೋಜನೆಗಳಿಂದ ಕಾಲೇಜು ಅಭಿವೃದ್ಧಿ ಕಂಡಿದೆ. ಕಾಲೇಜಿನಲ್ಲಿ ಸುಮಾರು ಮೂರು ಸಾವಿರಕ್ಕೂ ಹೆಚ್ಚು ವಿದ್ಯಾರ್ಥಿಗಳು ವ್ಯಾಸಂಗ ಮಾಡುತ್ತಿದ್ದಾರೆ. ಇಲ್ಲಿನ ಶಿಕ್ಷಣದ ಗುಣಮಟ್ಟ ಹೆಚ್ಚಿಸಲು ಏಷಿಯನ್ ಡೆವಲಪ್ಮೆಂಟ್ ಬ್ಯಾಂಕ್ ಸಹಕಾರ ಅಗತ್ಯ ಎಂದರು. ಗ್ರಾಮೀಣ ಭಾಗದ ಹೆಚ್ಚಿನ ವಿದ್ಯಾರ್ಥಿಗಳು ಇಲ್ಲಿಗೆ ಓದಲು ಬರುತ್ತಾರೆ. ಅವರಿಗೆ ಉನ್ನತ ಶಿಕ್ಷಣದ ಸೌಲಭ್ಯ ಒದಗಿಸಲು ಹಾಗೂ ಉದ್ಯೋಗಾವಕಾಶಗಳನ್ನು ಸೃಷ್ಟಿಸಲು ಬ್ಯಾಂಕ್ ನೆರವು ಬೇಕು ಎಂದರು. ಹಾಸನ ಜಿಲ್ಲೆಯ ಉನ್ನತ ಶಿಕ್ಷಣಕ್ಕೆ ಇದು ಒಂದು ಮೈಲಿಗಲ್ಲು ಎನ್ನಬಹುದು.

ಎಡಿಬಿ ಟೀಮ್ ಎನ್ನುವುದು ಎಂದರೆ ಏಷಿಯನ್ ಬ್ಯಾಂಕ್ ಡೆವಲಪ್ಮೆಂಟ್ ಟೀಂ ಎಂದರ್ಥ. ಈ ಟೀಮ್ ಎನ್ನುವುದು ಉನ್ನತ ಕಾಲೇಜನ್ನು ಉನ್ನತೀಕರಣಗೊಳಿಸಲು ಸಹಕರಿಸುತ್ತದೆ. ಅರ್ಥಗಳಿಗೆ ಹೆಚ್ಚಿನ ಮೂಲಭೂತ ಸೌಕರ್ಯ ಒದಗಿಸುವುದು, ನವೀಕರಣ ಮಾಡುವುದು, ವಿದ್ಯಾರ್ಥಿಗಳಿಗೆ ಸ್ಕಿಲ್ ಗೆ ಸಂಬಂಧಿಸಿದ ಶಿಕ್ಷಣ ನೀಡುವ ಉದ್ದೇಶದಿಂದ ಎಂದು ಸಂಪನ್ಮೂಲ ವ್ಯಕ್ತಿಗಳು ತಿಳಿಸಿದರು. ಕರ್ನಾಟಕ ಸರ್ಕಾರ ಕಾಲೇಜು ಹಾಗೂ ತಾಂತ್ರಿಕ ಶಿಕ್ಷಣ ಇಲಾಖೆ ಹಾಗೂ ಏಷಿಯನ್ ಡೆವಲಪ್ಮೆಂಟ್ ಬ್ಯಾಂಕ್ ಇವರ ಸಹಯೋಗದೊಂದಿಗೆ ಭಾರತದ ಕರ್ನಾಟಕ ಉನ್ನತ ಶಿಕ್ಷಣ ಪರಿವರ್ತನಾ ಯೋಜನೆಯನ್ನು ಜಾರಿಗೆ ತರಲಾಗುತ್ತಿದೆ. ಕರ್ನಾಟಕದಲ್ಲಿ 14 ಕಾಲೇಜನ್ನು ಉನ್ನತೀಕರಣಕ್ಕೆ ಏಷಿಯನ್ ಬ್ಯಾಂಕ್ ಡೆವಲಪ್ ಟೀಂ ಆಯ್ಕೆಯಾಗಿರುವುದು. ಹಾಸನದಲ್ಲಿ

ಸರ್ಕಾರಿ ವಿಜ್ಞಾನ ಕಾಲೇಜು, ಕಲಾ ಕಾಲೇಜು ಹಾಗೂ ಸರ್ಕಾರಿ ಇಂಜಿನಿಯರಿಂಗ್ ಕಾಲೇಜು ಆಯ್ಕೆಯಾಗಿದೆ ಎಂದು ತಿಳಿಸಿದರು. ಈ ಕಾಲೇಜುಗಳ ಸಂದರ್ಶನ ಮಾಡಿ, ಈ ಕಾಲೇಜುಗಳ ಮೂಲಭೂತ ಸೌಕರ್ಯಗಳನ್ನು ಪರಿಶೀಲಿಸಿ ಇಲ್ಲಿನ ವಿದ್ಯಾರ್ಥಿಗಳಿಗೆ ಏನು ಅವಶ್ಯಕತೆ ಇದೆ, ಏನು ಬೇಕಾಗಿದೆ ಎಂಬುದನ್ನು ತಿಳಿದು ಮುಂದಿನ 25 ವರ್ಷಗಳ ಆಲೋಚನೆಯನ್ನು ಇಟ್ಟುಕೊಂಡು ಈ ಕಾಲೇಜಿಗೆ ಏನು ಬೇಕು ಅದನ್ನೆ ನಾವು ರೂಪಿಸುತ್ತೇವೆ ಎಂದು ಹೇಳಿದರು. ಈ ಭೇಟಿಯ ಸಮಯದಲ್ಲಿ ವಿದ್ಯಾರ್ಥಿಗಳ ಜೊತೆ ಸಂವಾದ ನಡೆಸಿ ಅವರ ಅಭಿಪ್ರಾಯ ಸಂಗ್ರಹಿಸಲಾಯಿತು. ಉನ್ನತ ಶಿಕ್ಷಣದ ಗುಣಮಟ್ಟ ಹೆಚ್ಚಿಸುವ ನಿಟ್ಟಿನಲ್ಲಿ ಇದೊಂದು ಮಹತ್ವದ ಹೆಜ್ಜೆಯಾಗಿದೆ. ಕಾಲೇಜಿನ ಶಿಕ್ಷಣ ಮತ್ತು ತಾಂತ್ರಿಕ ಅಭಿವೃದ್ಧಿಗೆ ಹಣಕಾಸಿನ ನೆರವು ಒದಗಿಸಲಾಗುವುದು. ಇಂಗ್ಲೆಂಡ್, ಜಪಾನ್, ಚೀನಾ, ಹಾಂಗ್ ಕಾಂಗ್, ಮಲೇಷಿಯ ದೇಶಗಳ ಸದಸ್ಯರು ಬಂದಿದ್ದು ತಂಡವು ಹಾಸನದ ಕಾಲೇಜುಗಳಿಗೆ ಭೇಟಿ ನೀಡಿದೆ. ಇಲ್ಲಿಗೆ ಬಂದಿರುವ ಸಂಸ್ಥೆಯು ಯುರೋಪ್ ಮತ್ತು ಏಷ್ಯಾದ ಹಲವು ದೇಶಗಳಲ್ಲಿ ಶಿಕ್ಷಣ ಸೌಲಭ್ಯ ಅಭಿವೃದ್ಧಿಗೆ ಕೆಲಸ ಮಾಡುತ್ತಿದೆ. ಸಂದರ್ಶನ ವೇಳೆ ಕಾಲೇಜಿನ ಬೋಧಕ ಸಿಬ್ಬಂದಿ ಹಾಗೂ ವಿದ್ಯಾರ್ಥಿಗಳು ಹಾಜರಿದ್ದರು. ಕೊನೆಯಲ್ಲಿ ಸಂಸ್ಥೆಯ ಸದಸ್ಯರು ಕಾಲೇಜಿನ ವ್ಯವಸ್ಥೆಯ ಬಗ್ಗೆ ಮೆಚ್ಚುಗೆ ವ್ಯಕ್ತಪಡಿಸಿದರು. ಕಾಲೇಜಿನ ಅಭಿವೃದ್ಧಿ ಸಮಿತಿ ಸದಸ್ಯರು, ಉಪನ್ಯಾಸಕರು ಹಾಗೂ ಸಿಬ್ಬಂದಿ ವರ್ಗದವರು ಈ ಸಂದರ್ಭದಲ್ಲಿ ಉಪಸ್ಥಿತರಿದ್ದರು. ವಿದ್ಯಾರ್ಥಿಗಳಿಗೆ ಸ್ಕಿಲ್ ಬೇಸ್ಡ್ ಶಿಕ್ಷಣ ನೀಡಲು ಇದರಿಂದ ಸಹಾಯವಾಗಲಿದೆ ಎಂದು ಆಶಯ ವ್ಯಕ್ತಪಡಿಸಿದರು. ಕಾಲೇಜಿನ ಮೂಲ ಸೌಕರ್ಯಗಳ ಜೊತೆಗೆ ಗ್ರಾಮೀಣ ವಿದ್ಯಾರ್ಥಿಗಳು ಕೂಡ ಜಾಗತಿಕ ಮಟ್ಟದಲ್ಲಿ ಸ್ಪರ್ಧಿಸುವಂತಾಗಲಿ ಎಂದು ಹಾರೈಸಿದರು.

ರೋಗಬಾಧೆ ನಿವಾರಣೆಗೆ ಕ್ರಮ

ಸಕಲೇಶಪುರ : ಪ್ರಸಕ್ತ ಋತುಮಾನದ ಮುಂಗಾರು ಹಂಗಾಮಿನಲ್ಲಿ ತಾಲೂಕಿನಲ್ಲಿ ರೈತರು ಮುಸುಕಿನ ಜೋಳ ಬಿತ್ತನೆ ಮಾಡಿದ್ದು, ರೋಗಬಾಧೆ ನಿವಾರಣೆಗೆ ಇಲಾಖೆಯಿಂದ ತಿಳಿಸುವ ಅಗತ್ಯ ಕ್ರಮಗಳನ್ನು ಅನುಸರಿಸಬೇಕೆಂದು ಸಹಾಯಕ ಕೃಷಿ ನಿರ್ದೇಶಕ ಸುಧಾ ಬಿ.ಎಂ ತಿಳಿಸಿದರು. ಪಟ್ಟಣದ ಹಳೆಬೀದಿ ಹೋಬಳಿಯಲ್ಲಿ ಬೆಳೆ ಸಾಗು ಹೋಗುವ ಹತೋಟಿಗೆ ಕರಪತ್ರಗಳನ್ನು ವಿತರಿಸಿ ಅರಿವು ಮೂಡಿಸುವ ಜಾಥಾಗೆ ಚಾಲನೆ ನೀಡಿ ಮಾತನಾಡಿದರು. ಮುಸುಕಿನ ಜೋಳದ ಬೆಳೆಗೆ ಸೈನಿಕ ಹುಳು ಮತ್ತು ಕೀಟ ಬಾಧೆ ಹೆಚ್ಚು ಕಂಡುಬರುತ್ತಿದ್ದು, ಇದನ್ನು ಸಮರ್ಪಕವಾಗಿ ನಿಯಂತ್ರಿಸಬೇಕು. ಸಣ್ಣ ಪ್ರಮಾಣದಲ್ಲಿ ರೋಗ ಕಂಡುಬಂದ ಕೂಡಲೇ ಇಲಾಖೆಯ ಅಧಿಕಾರಿಗಳನ್ನು ಸಂಪರ್ಕಿಸಬೇಕು ಎಂದರು. ನಿರಂತರವಾಗಿ ಮಳೆಯಾಗುತ್ತಿರುವುದರಿಂದ ತೇವಾಂಶ ಅಧಿಕವಾಗಿ ಹಾವಳಿ ಹೆಚ್ಚಳವಾಗಿದೆ. ಇದರಿಂದ ಹಲವು ರೋಗಗಳು ಬೆಳೆಯನ್ನು ಬಾಧಿಸುತ್ತಿವೆ. ಆದ್ದರಿಂದ ರೈತರು ಜಾಗರೂಕತೆಯಿಂದ ಇರಬೇಕು. ರೈತರು ರೋಗದ ಗುಣಲಕ್ಷಣ ಹಾಗೂ ಹತೋಟಿ ಕ್ರಮಗಳ ಬಗ್ಗೆ ತಿಳಿದುಕೊಂಡು ಸೂಕ್ತ ಔಷಧ ಸಿಂಪಡಿಸಬೇಕು. ಈ ಕಾರ್ಯಕ್ರಮವನ್ನು ತಾಲೂಕಿನ ಕಸಬಾ ಹಾಗೂ ಹೆತ್ತೂರು ಹೋಬಳಿಯಲ್ಲೂ ನಡೆಸಲಾಗುವುದು. ಸಹಾಯಕ ಕೃಷಿ ಅಧಿಕಾರಿಗಳಾದ ರಾಹುಲ್ ಎಂ, ಹೇಮಂತ್ ಕುಮಾರ್ ಎಸ್, ಸಿಬ್ಬಂದಿ ಹಾಗೂ ಹಲವು ರೈತರು ಇದ್ದರು.

Edited, Owned, Published Printed by: NAGARAJU.H.S. Karthik Nilaya,Hemavathi Nagar,Near Royal Appolo, 3rd Main, 12th Ward, Hassan,
Hassan Dist. Karnataka Printed at: HONALU GRAPHICS, Ashoka road, Vidhya Nagar, Hassan Hassan Dist. Karnataka State.
